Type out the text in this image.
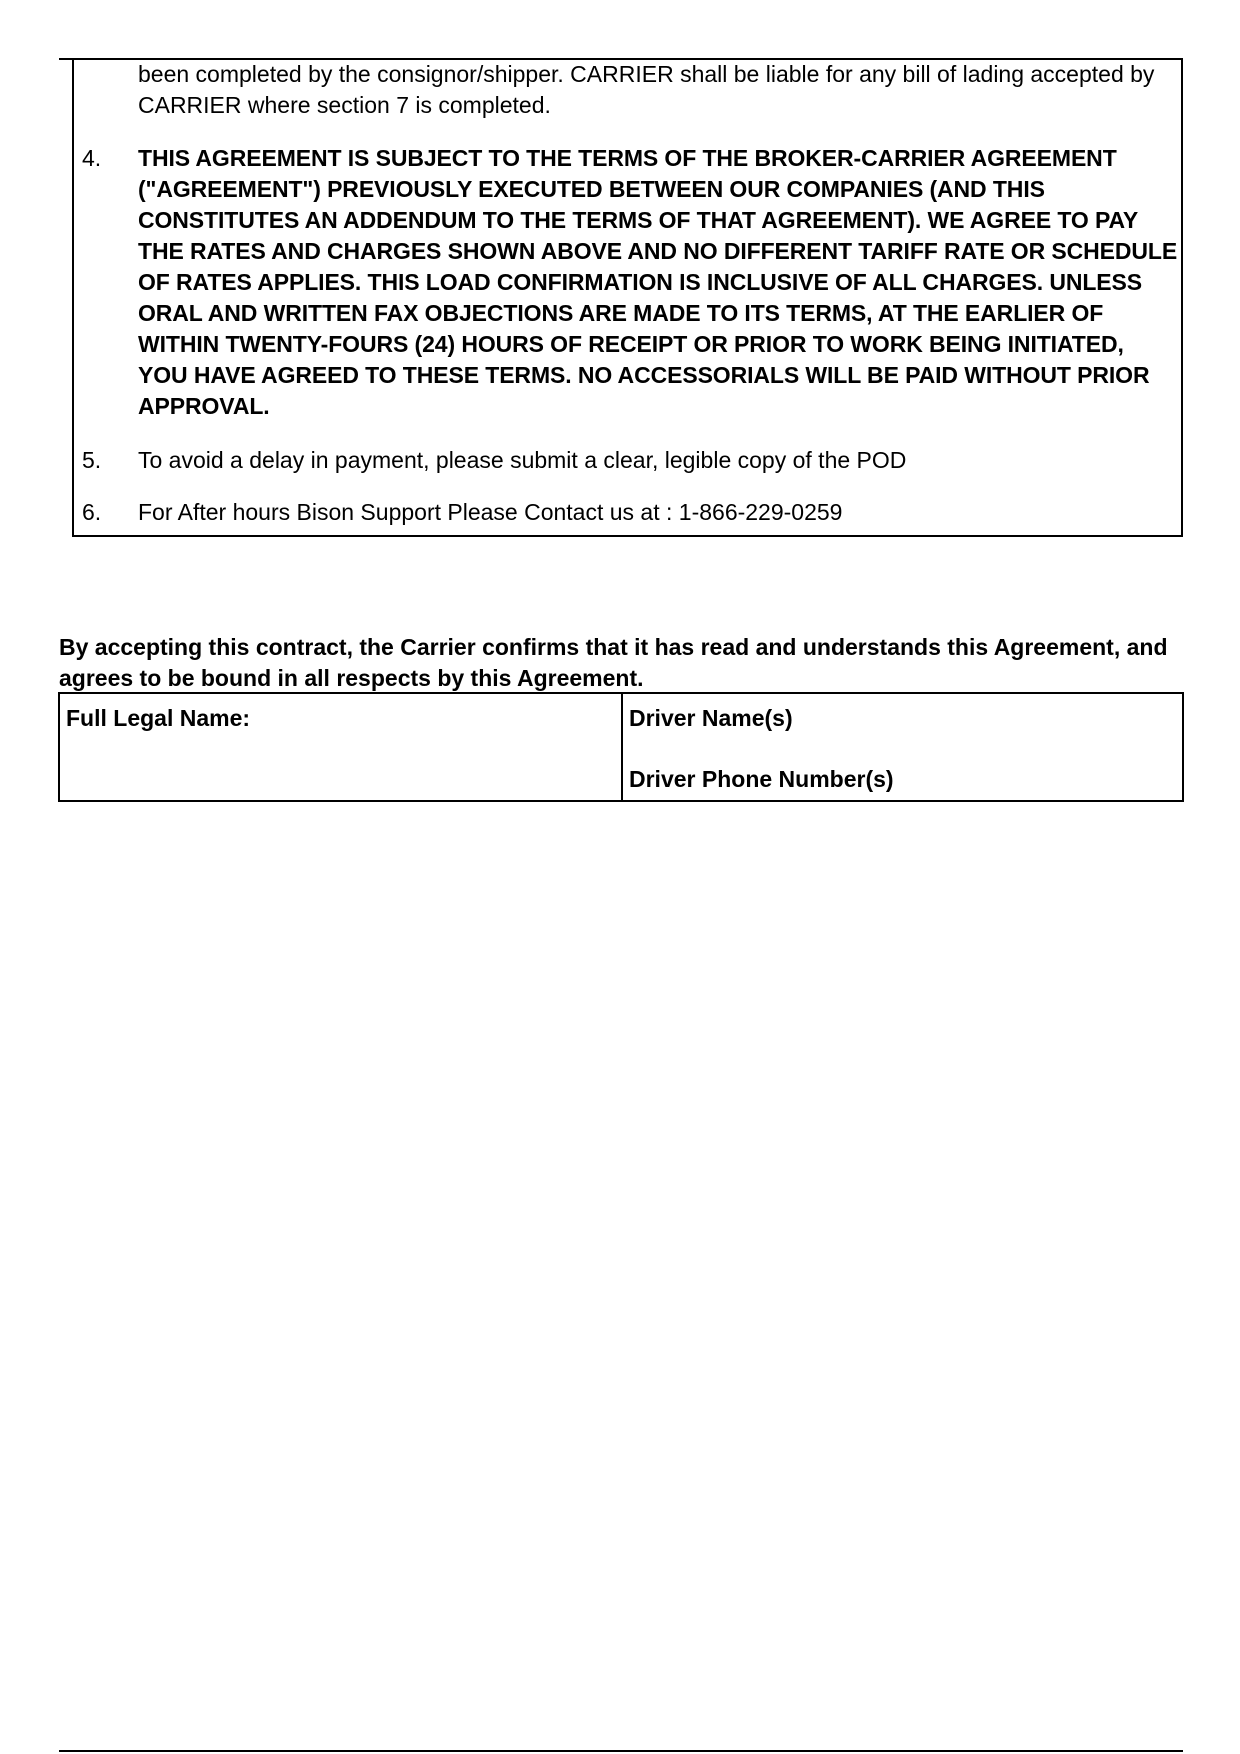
been completed by the consignor/shipper. CARRIER shall be liable for any bill of lading accepted by CARRIER where section 7 is completed.
4. THIS AGREEMENT IS SUBJECT TO THE TERMS OF THE BROKER-CARRIER AGREEMENT ("AGREEMENT") PREVIOUSLY EXECUTED BETWEEN OUR COMPANIES (AND THIS CONSTITUTES AN ADDENDUM TO THE TERMS OF THAT AGREEMENT). WE AGREE TO PAY THE RATES AND CHARGES SHOWN ABOVE AND NO DIFFERENT TARIFF RATE OR SCHEDULE OF RATES APPLIES. THIS LOAD CONFIRMATION IS INCLUSIVE OF ALL CHARGES. UNLESS ORAL AND WRITTEN FAX OBJECTIONS ARE MADE TO ITS TERMS, AT THE EARLIER OF WITHIN TWENTY-FOURS (24) HOURS OF RECEIPT OR PRIOR TO WORK BEING INITIATED, YOU HAVE AGREED TO THESE TERMS. NO ACCESSORIALS WILL BE PAID WITHOUT PRIOR APPROVAL.
5. To avoid a delay in payment, please submit a clear, legible copy of the POD
6. For After hours Bison Support Please Contact us at : 1-866-229-0259
By accepting this contract, the Carrier confirms that it has read and understands this Agreement, and agrees to be bound in all respects by this Agreement.
Full Legal Name:	Driver Name(s)
Driver Phone Number(s)
